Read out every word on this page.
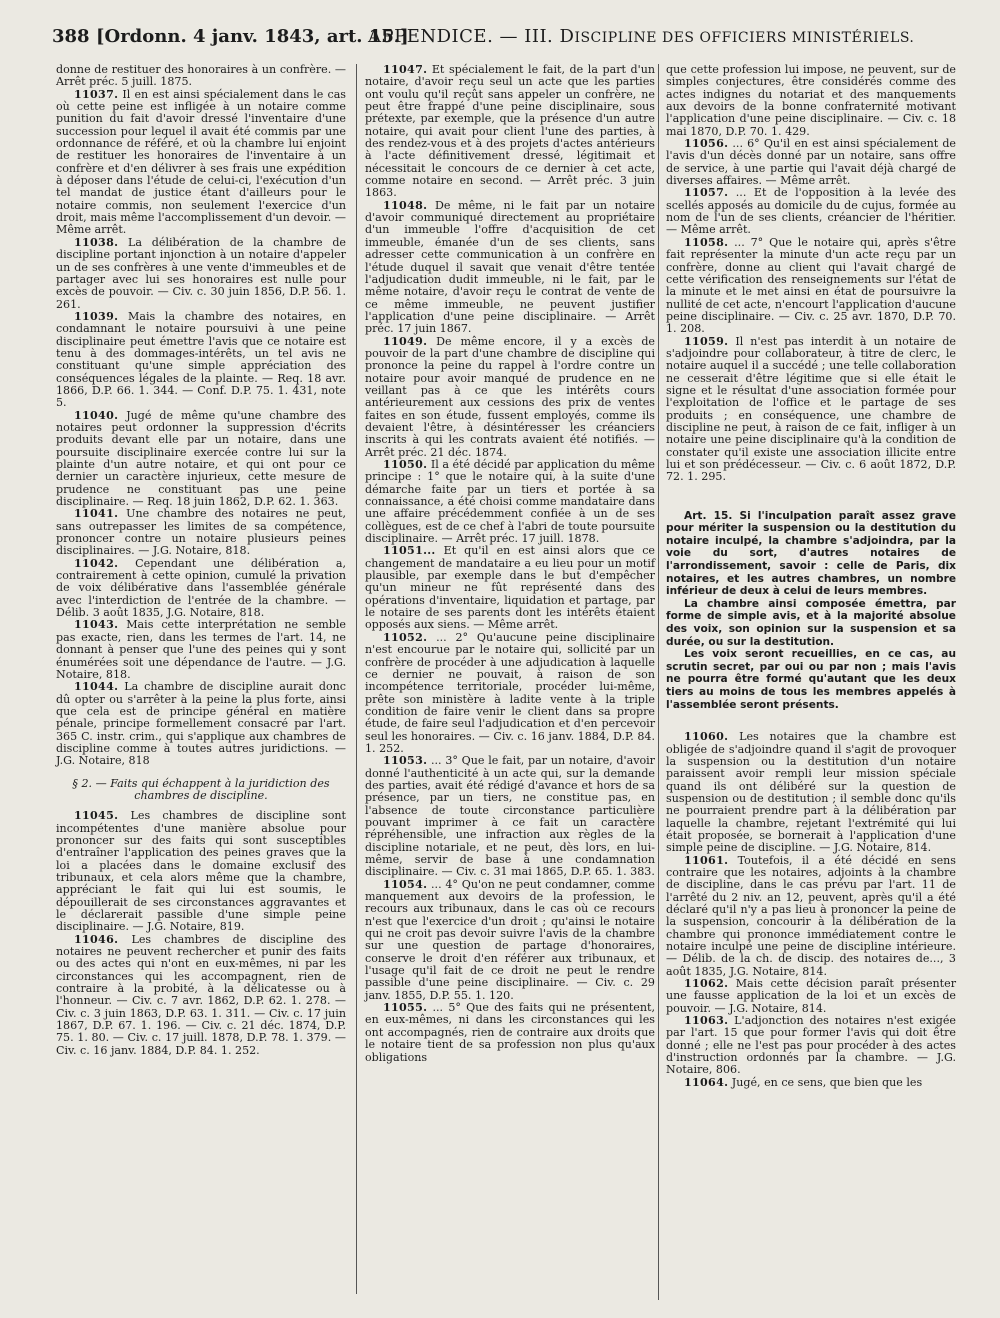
388 [Ordonn. 4 janv. 1843, art. 15.]
APPENDICE. — III. DISCIPLINE DES OFFICIERS MINISTÉRIELS.

donne de restituer des honoraires à un confrère. — Arrêt préc. 5 juill. 1875.

11037. Il en est ainsi spécialement dans le cas où cette peine est infligée à un notaire comme punition du fait d'avoir dressé l'inventaire d'une succession pour lequel il avait été commis par une ordonnance de référé, et où la chambre lui enjoint de restituer les honoraires de l'inventaire à un confrère et d'en délivrer à ses frais une expédition à déposer dans l'étude de celui-ci, l'exécution d'un tel mandat de justice étant d'ailleurs pour le notaire commis, non seulement l'exercice d'un droit, mais même l'accomplissement d'un devoir. — Même arrêt.

11038. La délibération de la chambre de discipline portant injonction à un notaire d'appeler un de ses confrères à une vente d'immeubles et de partager avec lui ses honoraires est nulle pour excès de pouvoir. — Civ. c. 30 juin 1856, D.P. 56. 1. 261.

11039. Mais la chambre des notaires, en condamnant le notaire poursuivi à une peine disciplinaire peut émettre l'avis que ce notaire est tenu à des dommages-intérêts, un tel avis ne constituant qu'une simple appréciation des conséquences légales de la plainte. — Req. 18 avr. 1866, D.P. 66. 1. 344. — Conf. D.P. 75. 1. 431, note 5.

11040. Jugé de même qu'une chambre des notaires peut ordonner la suppression d'écrits produits devant elle par un notaire, dans une poursuite disciplinaire exercée contre lui sur la plainte d'un autre notaire, et qui ont pour ce dernier un caractère injurieux, cette mesure de prudence ne constituant pas une peine disciplinaire. — Req. 18 juin 1862, D.P. 62. 1. 363.

11041. Une chambre des notaires ne peut, sans outrepasser les limites de sa compétence, prononcer contre un notaire plusieurs peines disciplinaires. — J.G. Notaire, 818.

11042. Cependant une délibération a, contrairement à cette opinion, cumulé la privation de voix délibérative dans l'assemblée générale avec l'interdiction de l'entrée de la chambre. — Délib. 3 août 1835, J.G. Notaire, 818.

11043. Mais cette interprétation ne semble pas exacte, rien, dans les termes de l'art. 14, ne donnant à penser que l'une des peines qui y sont énumérées soit une dépendance de l'autre. — J.G. Notaire, 818.

11044. La chambre de discipline aurait donc dû opter ou s'arrêter à la peine la plus forte, ainsi que cela est de principe général en matière pénale, principe formellement consacré par l'art. 365 C. instr. crim., qui s'applique aux chambres de discipline comme à toutes autres juridictions. — J.G. Notaire, 818

§ 2. — Faits qui échappent à la juridiction des chambres de discipline.

11045. Les chambres de discipline sont incompétentes d'une manière absolue pour prononcer sur des faits qui sont susceptibles d'entraîner l'application des peines graves que la loi a placées dans le domaine exclusif des tribunaux, et cela alors même que la chambre, appréciant le fait qui lui est soumis, le dépouillerait de ses circonstances aggravantes et le déclarerait passible d'une simple peine disciplinaire. — J.G. Notaire, 819.

11046. Les chambres de discipline des notaires ne peuvent rechercher et punir des faits ou des actes qui n'ont en eux-mêmes, ni par les circonstances qui les accompagnent, rien de contraire à la probité, à la délicatesse ou à l'honneur. — Civ. c. 7 avr. 1862, D.P. 62. 1. 278. — Civ. c. 3 juin 1863, D.P. 63. 1. 311. — Civ. c. 17 juin 1867, D.P. 67. 1. 196. — Civ. c. 21 déc. 1874, D.P. 75. 1. 80. — Civ. c. 17 juill. 1878, D.P. 78. 1. 379. — Civ. c. 16 janv. 1884, D.P. 84. 1. 252.

11047. Et spécialement le fait, de la part d'un notaire, d'avoir reçu seul un acte que les parties ont voulu qu'il reçût sans appeler un confrère, ne peut être frappé d'une peine disciplinaire, sous prétexte, par exemple, que la présence d'un autre notaire, qui avait pour client l'une des parties, à des rendez-vous et à des projets d'actes antérieurs à l'acte définitivement dressé, légitimait et nécessitait le concours de ce dernier à cet acte, comme notaire en second. — Arrêt préc. 3 juin 1863.

11048. De même, ni le fait par un notaire d'avoir communiqué directement au propriétaire d'un immeuble l'offre d'acquisition de cet immeuble, émanée d'un de ses clients, sans adresser cette communication à un confrère en l'étude duquel il savait que venait d'être tentée l'adjudication dudit immeuble, ni le fait, par le même notaire, d'avoir reçu le contrat de vente de ce même immeuble, ne peuvent justifier l'application d'une peine disciplinaire. — Arrêt préc. 17 juin 1867.

11049. De même encore, il y a excès de pouvoir de la part d'une chambre de discipline qui prononce la peine du rappel à l'ordre contre un notaire pour avoir manqué de prudence en ne veillant pas à ce que les intérêts cours antérieurement aux cessions des prix de ventes faites en son étude, fussent employés, comme ils devaient l'être, à désintéresser les créanciers inscrits à qui les contrats avaient été notifiés. — Arrêt préc. 21 déc. 1874.

11050. Il a été décidé par application du même principe : 1° que le notaire qui, à la suite d'une démarche faite par un tiers et portée à sa connaissance, a été choisi comme mandataire dans une affaire précédemment confiée à un de ses collègues, est de ce chef à l'abri de toute poursuite disciplinaire. — Arrêt préc. 17 juill. 1878.

11051... Et qu'il en est ainsi alors que ce changement de mandataire a eu lieu pour un motif plausible, par exemple dans le but d'empêcher qu'un mineur ne fût représenté dans des opérations d'inventaire, liquidation et partage, par le notaire de ses parents dont les intérêts étaient opposés aux siens. — Même arrêt.

11052. ... 2° Qu'aucune peine disciplinaire n'est encourue par le notaire qui, sollicité par un confrère de procéder à une adjudication à laquelle ce dernier ne pouvait, à raison de son incompétence territoriale, procéder lui-même, prête son ministère à ladite vente à la triple condition de faire venir le client dans sa propre étude, de faire seul l'adjudication et d'en percevoir seul les honoraires. — Civ. c. 16 janv. 1884, D.P. 84. 1. 252.

11053. ... 3° Que le fait, par un notaire, d'avoir donné l'authenticité à un acte qui, sur la demande des parties, avait été rédigé d'avance et hors de sa présence, par un tiers, ne constitue pas, en l'absence de toute circonstance particulière pouvant imprimer à ce fait un caractère répréhensible, une infraction aux règles de la discipline notariale, et ne peut, dès lors, en lui-même, servir de base à une condamnation disciplinaire. — Civ. c. 31 mai 1865, D.P. 65. 1. 383.

11054. ... 4° Qu'on ne peut condamner, comme manquement aux devoirs de la profession, le recours aux tribunaux, dans le cas où ce recours n'est que l'exercice d'un droit ; qu'ainsi le notaire qui ne croit pas devoir suivre l'avis de la chambre sur une question de partage d'honoraires, conserve le droit d'en référer aux tribunaux, et l'usage qu'il fait de ce droit ne peut le rendre passible d'une peine disciplinaire. — Civ. c. 29 janv. 1855, D.P. 55. 1. 120.

11055. ... 5° Que des faits qui ne présentent, en eux-mêmes, ni dans les circonstances qui les ont accompagnés, rien de contraire aux droits que le notaire tient de sa profession non plus qu'aux obligations

que cette profession lui impose, ne peuvent, sur de simples conjectures, être considérés comme des actes indignes du notariat et des manquements aux devoirs de la bonne confraternité motivant l'application d'une peine disciplinaire. — Civ. c. 18 mai 1870, D.P. 70. 1. 429.

11056. ... 6° Qu'il en est ainsi spécialement de l'avis d'un décès donné par un notaire, sans offre de service, à une partie qui l'avait déjà chargé de diverses affaires. — Même arrêt.

11057. ... Et de l'opposition à la levée des scellés apposés au domicile du de cujus, formée au nom de l'un de ses clients, créancier de l'héritier. — Même arrêt.

11058. ... 7° Que le notaire qui, après s'être fait représenter la minute d'un acte reçu par un confrère, donne au client qui l'avait chargé de cette vérification des renseignements sur l'état de la minute et le met ainsi en état de poursuivre la nullité de cet acte, n'encourt l'application d'aucune peine disciplinaire. — Civ. c. 25 avr. 1870, D.P. 70. 1. 208.

11059. Il n'est pas interdit à un notaire de s'adjoindre pour collaborateur, à titre de clerc, le notaire auquel il a succédé ; une telle collaboration ne cesserait d'être légitime que si elle était le signe et le résultat d'une association formée pour l'exploitation de l'office et le partage de ses produits ; en conséquence, une chambre de discipline ne peut, à raison de ce fait, infliger à un notaire une peine disciplinaire qu'à la condition de constater qu'il existe une association illicite entre lui et son prédécesseur. — Civ. c. 6 août 1872, D.P. 72. 1. 295.

Art. 15. Si l'inculpation paraît assez grave pour mériter la suspension ou la destitution du notaire inculpé, la chambre s'adjoindra, par la voie du sort, d'autres notaires de l'arrondissement, savoir : celle de Paris, dix notaires, et les autres chambres, un nombre inférieur de deux à celui de leurs membres.

La chambre ainsi composée émettra, par forme de simple avis, et à la majorité absolue des voix, son opinion sur la suspension et sa durée, ou sur la destitution.

Les voix seront recueillies, en ce cas, au scrutin secret, par oui ou par non ; mais l'avis ne pourra être formé qu'autant que les deux tiers au moins de tous les membres appelés à l'assemblée seront présents.

11060. Les notaires que la chambre est obligée de s'adjoindre quand il s'agit de provoquer la suspension ou la destitution d'un notaire paraissent avoir rempli leur mission spéciale quand ils ont délibéré sur la question de suspension ou de destitution ; il semble donc qu'ils ne pourraient prendre part à la délibération par laquelle la chambre, rejetant l'extrémité qui lui était proposée, se bornerait à l'application d'une simple peine de discipline. — J.G. Notaire, 814.

11061. Toutefois, il a été décidé en sens contraire que les notaires, adjoints à la chambre de discipline, dans le cas prévu par l'art. 11 de l'arrêté du 2 niv. an 12, peuvent, après qu'il a été déclaré qu'il n'y a pas lieu à prononcer la peine de la suspension, concourir à la délibération de la chambre qui prononce immédiatement contre le notaire inculpé une peine de discipline intérieure. — Délib. de la ch. de discip. des notaires de..., 3 août 1835, J.G. Notaire, 814.

11062. Mais cette décision paraît présenter une fausse application de la loi et un excès de pouvoir. — J.G. Notaire, 814.

11063. L'adjonction des notaires n'est exigée par l'art. 15 que pour former l'avis qui doit être donné ; elle ne l'est pas pour procéder à des actes d'instruction ordonnés par la chambre. — J.G. Notaire, 806.

11064. Jugé, en ce sens, que bien que les
